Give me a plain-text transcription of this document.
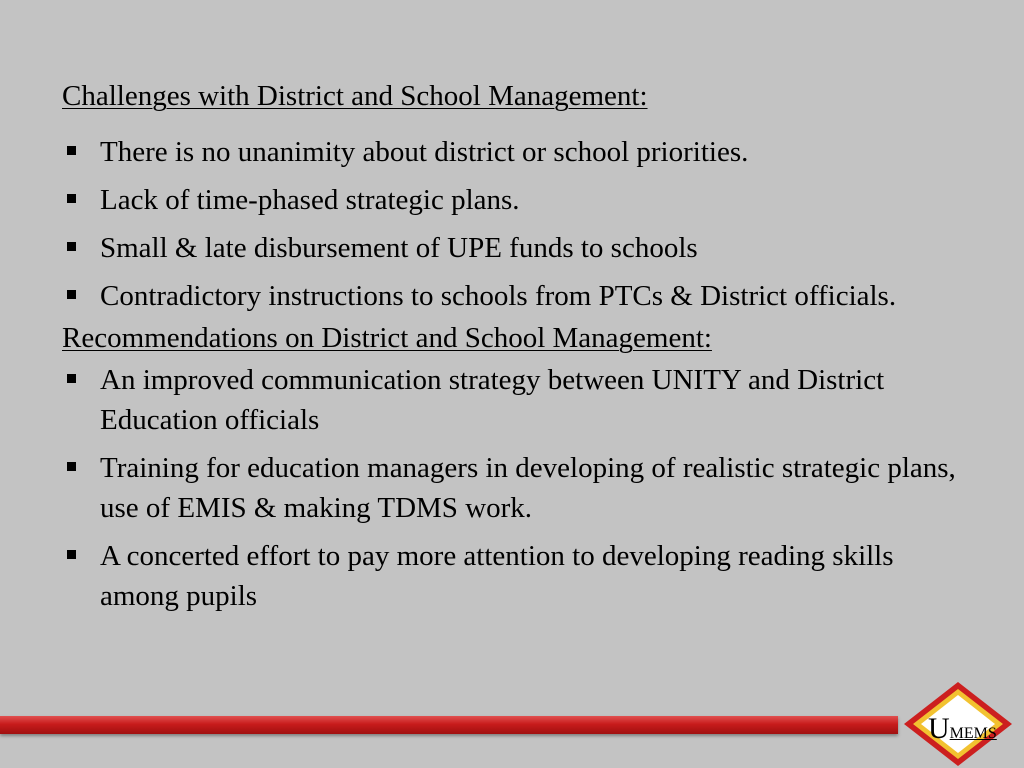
Challenges with District and School Management:

There is no unanimity about district or school priorities.
Lack of time-phased strategic plans.
Small & late disbursement of UPE funds to schools
Contradictory instructions to schools from PTCs & District officials.

Recommendations on District and School Management:

An improved communication strategy between UNITY and District Education officials
Training for education managers in developing of realistic strategic plans, use of EMIS & making TDMS work.
A concerted effort to pay more attention to developing reading skills among pupils
UMEMS
